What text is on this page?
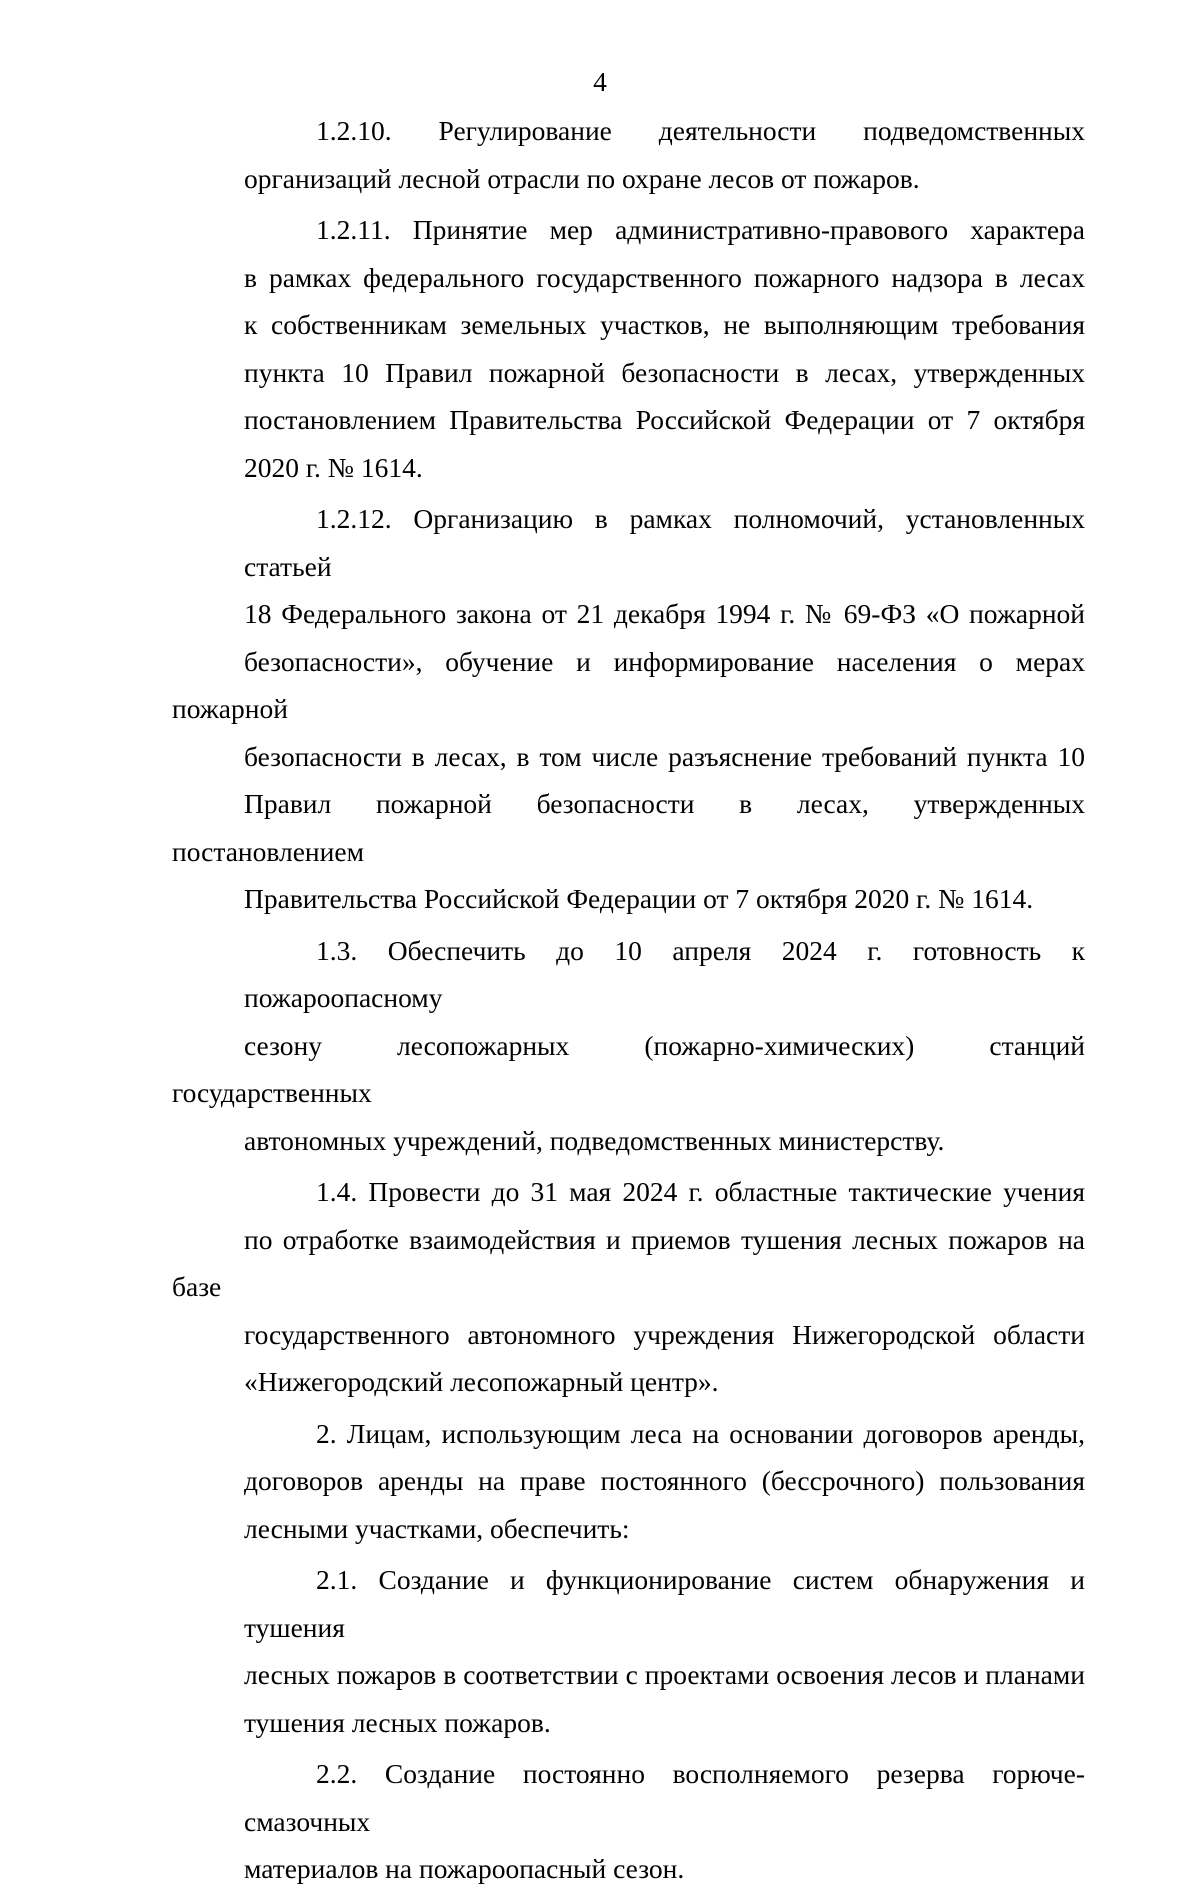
4
1.2.10. Регулирование деятельности подведомственных
организаций лесной отрасли по охране лесов от пожаров.
1.2.11. Принятие мер административно-правового характера
в рамках федерального государственного пожарного надзора в лесах
к собственникам земельных участков, не выполняющим требования
пункта 10 Правил пожарной безопасности в лесах, утвержденных
постановлением Правительства Российской Федерации от 7 октября
2020 г. № 1614.
1.2.12. Организацию в рамках полномочий, установленных статьей
18 Федерального закона от 21 декабря 1994 г. № 69-ФЗ «О пожарной
безопасности», обучение и информирование населения о мерах пожарной
безопасности в лесах, в том числе разъяснение требований пункта 10
Правил пожарной безопасности в лесах, утвержденных постановлением
Правительства Российской Федерации от 7 октября 2020 г. № 1614.
1.3. Обеспечить до 10 апреля 2024 г. готовность к пожароопасному
сезону лесопожарных (пожарно-химических) станций государственных
автономных учреждений, подведомственных министерству.
1.4. Провести до 31 мая 2024 г. областные тактические учения
по отработке взаимодействия и приемов тушения лесных пожаров на базе
государственного автономного учреждения Нижегородской области
«Нижегородский лесопожарный центр».
2. Лицам, использующим леса на основании договоров аренды,
договоров аренды на праве постоянного (бессрочного) пользования
лесными участками, обеспечить:
2.1. Создание и функционирование систем обнаружения и тушения
лесных пожаров в соответствии с проектами освоения лесов и планами
тушения лесных пожаров.
2.2. Создание постоянно восполняемого резерва горюче-смазочных
материалов на пожароопасный сезон.
